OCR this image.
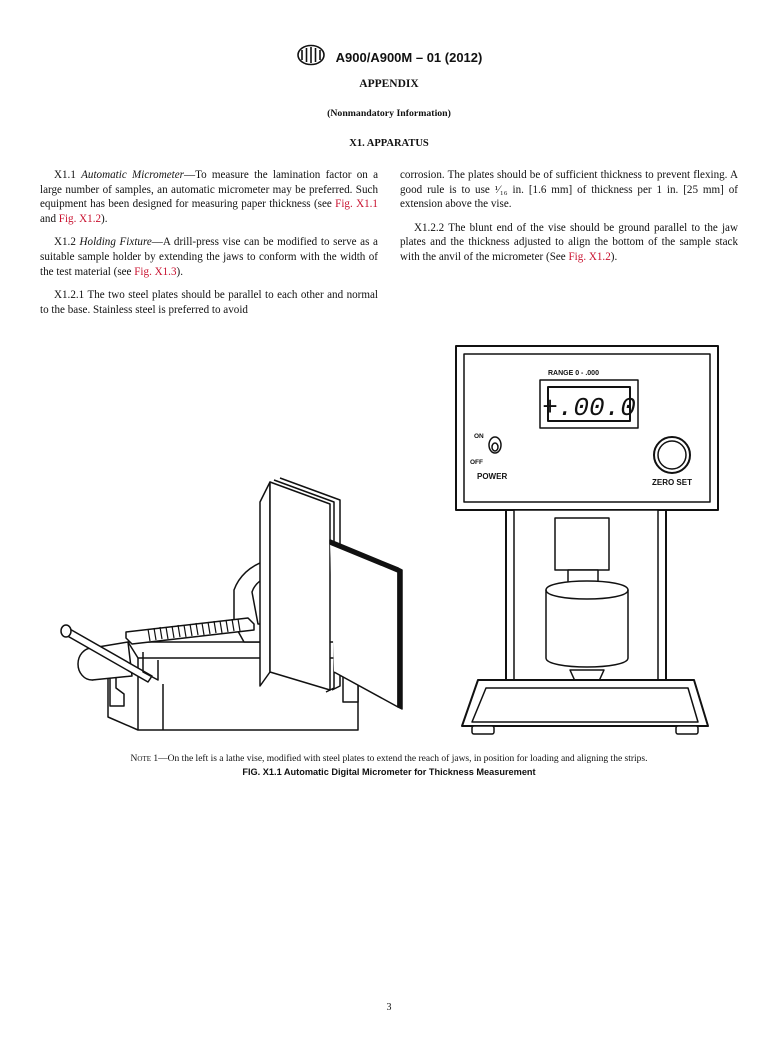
A900/A900M – 01 (2012)
APPENDIX
(Nonmandatory Information)
X1. APPARATUS

X1.1 Automatic Micrometer—To measure the lamination factor on a large number of samples, an automatic micrometer may be preferred. Such equipment has been designed for measuring paper thickness (see Fig. X1.1 and Fig. X1.2).

X1.2 Holding Fixture—A drill-press vise can be modified to serve as a suitable sample holder by extending the jaws to conform with the width of the test material (see Fig. X1.3).

X1.2.1 The two steel plates should be parallel to each other and normal to the base. Stainless steel is preferred to avoid

corrosion. The plates should be of sufficient thickness to prevent flexing. A good rule is to use ¹⁄₁₆ in. [1.6 mm] of thickness per 1 in. [25 mm] of extension above the vise.

X1.2.2 The blunt end of the vise should be ground parallel to the jaw plates and the thickness adjusted to align the bottom of the sample stack with the anvil of the micrometer (See Fig. X1.2).

RANGE 0 - .000
+.00.0
ON
OFF
POWER
ZERO SET
Note 1—On the left is a lathe vise, modified with steel plates to extend the reach of jaws, in position for loading and aligning the strips.
FIG. X1.1 Automatic Digital Micrometer for Thickness Measurement
3
